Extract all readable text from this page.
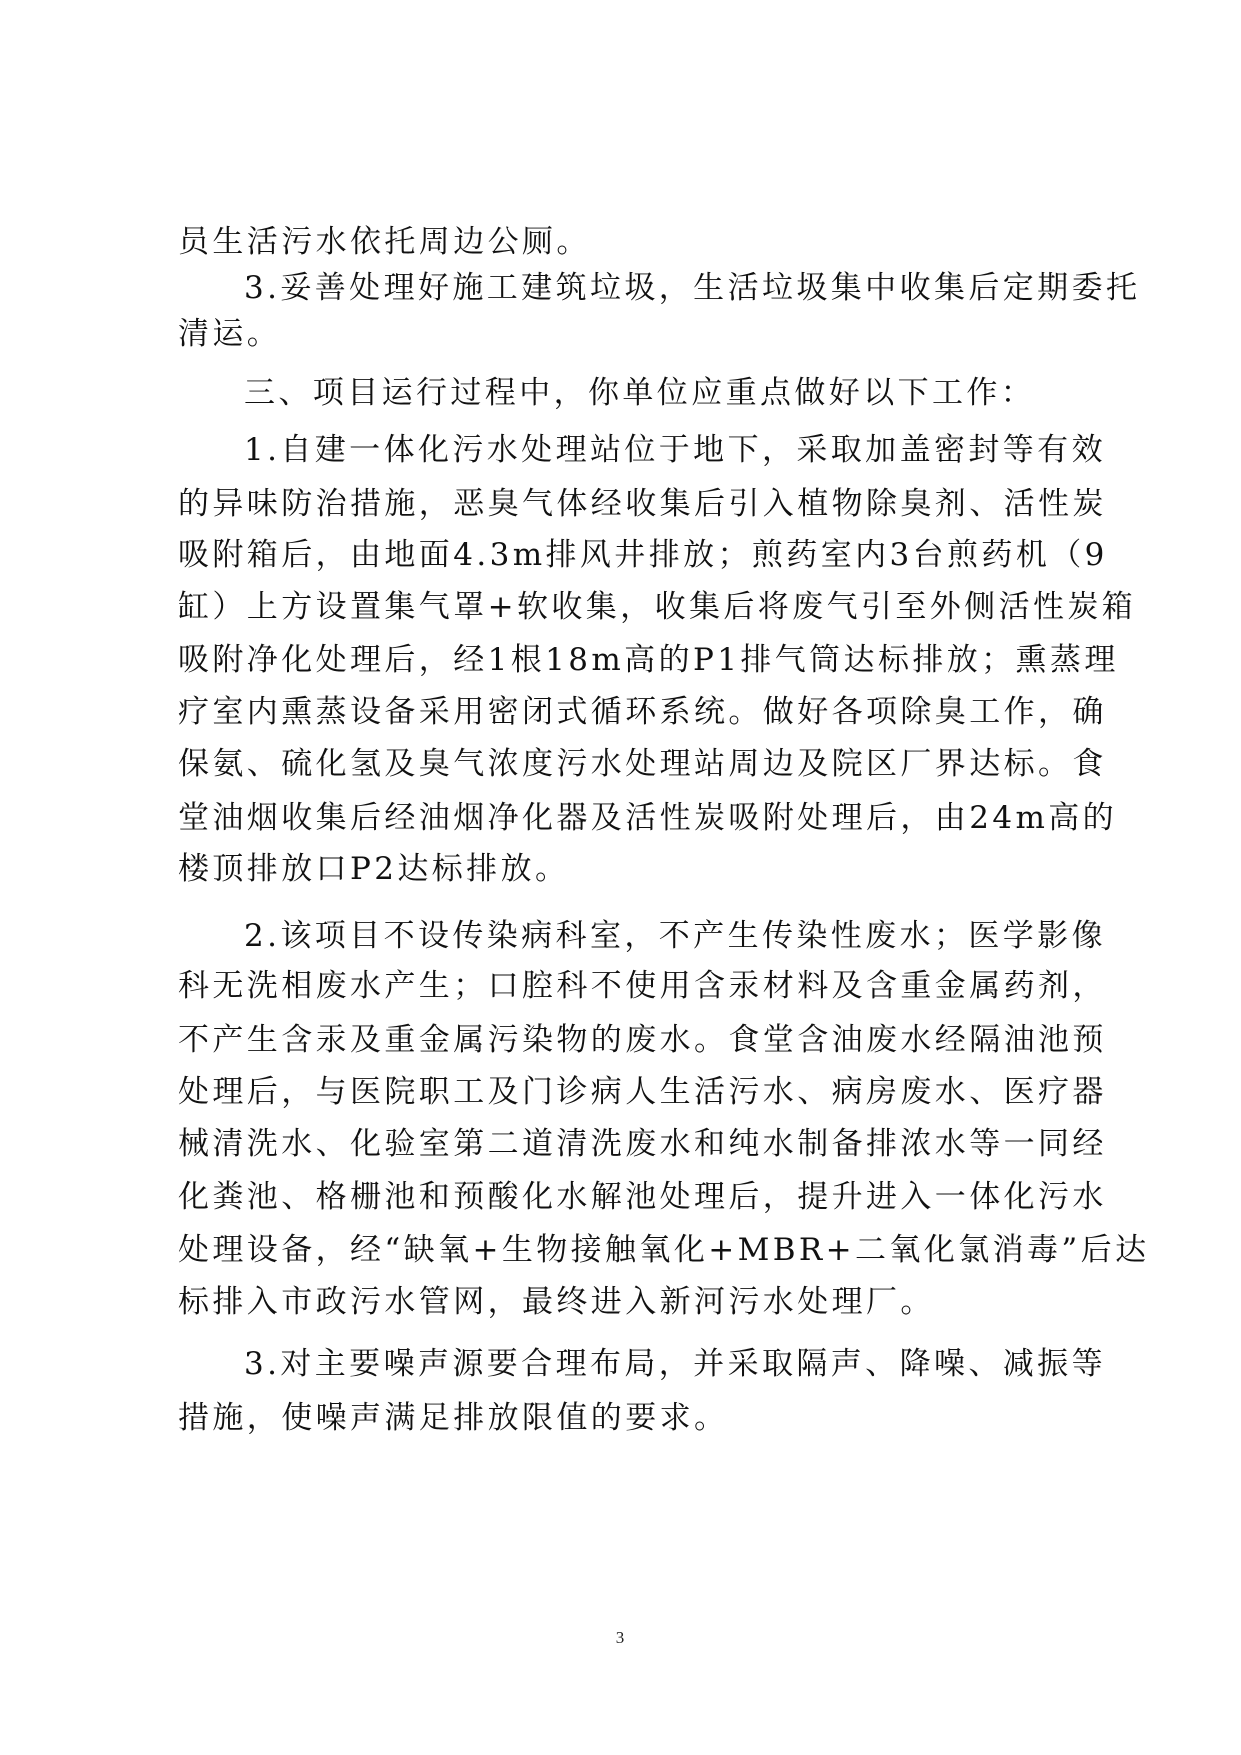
员生活污水依托周边公厕。
3.妥善处理好施工建筑垃圾，生活垃圾集中收集后定期委托
清运。
三、项目运行过程中，你单位应重点做好以下工作：
1.自建一体化污水处理站位于地下，采取加盖密封等有效
的异味防治措施，恶臭气体经收集后引入植物除臭剂、活性炭
吸附箱后，由地面4.3m排风井排放；煎药室内3台煎药机（9
缸）上方设置集气罩+软收集，收集后将废气引至外侧活性炭箱
吸附净化处理后，经1根18m高的P1排气筒达标排放；熏蒸理
疗室内熏蒸设备采用密闭式循环系统。做好各项除臭工作，确
保氨、硫化氢及臭气浓度污水处理站周边及院区厂界达标。食
堂油烟收集后经油烟净化器及活性炭吸附处理后，由24m高的
楼顶排放口P2达标排放。
2.该项目不设传染病科室，不产生传染性废水；医学影像
科无洗相废水产生；口腔科不使用含汞材料及含重金属药剂，
不产生含汞及重金属污染物的废水。食堂含油废水经隔油池预
处理后，与医院职工及门诊病人生活污水、病房废水、医疗器
械清洗水、化验室第二道清洗废水和纯水制备排浓水等一同经
化粪池、格栅池和预酸化水解池处理后，提升进入一体化污水
处理设备，经“缺氧+生物接触氧化+MBR+二氧化氯消毒”后达
标排入市政污水管网，最终进入新河污水处理厂。
3.对主要噪声源要合理布局，并采取隔声、降噪、减振等
措施，使噪声满足排放限值的要求。
3
